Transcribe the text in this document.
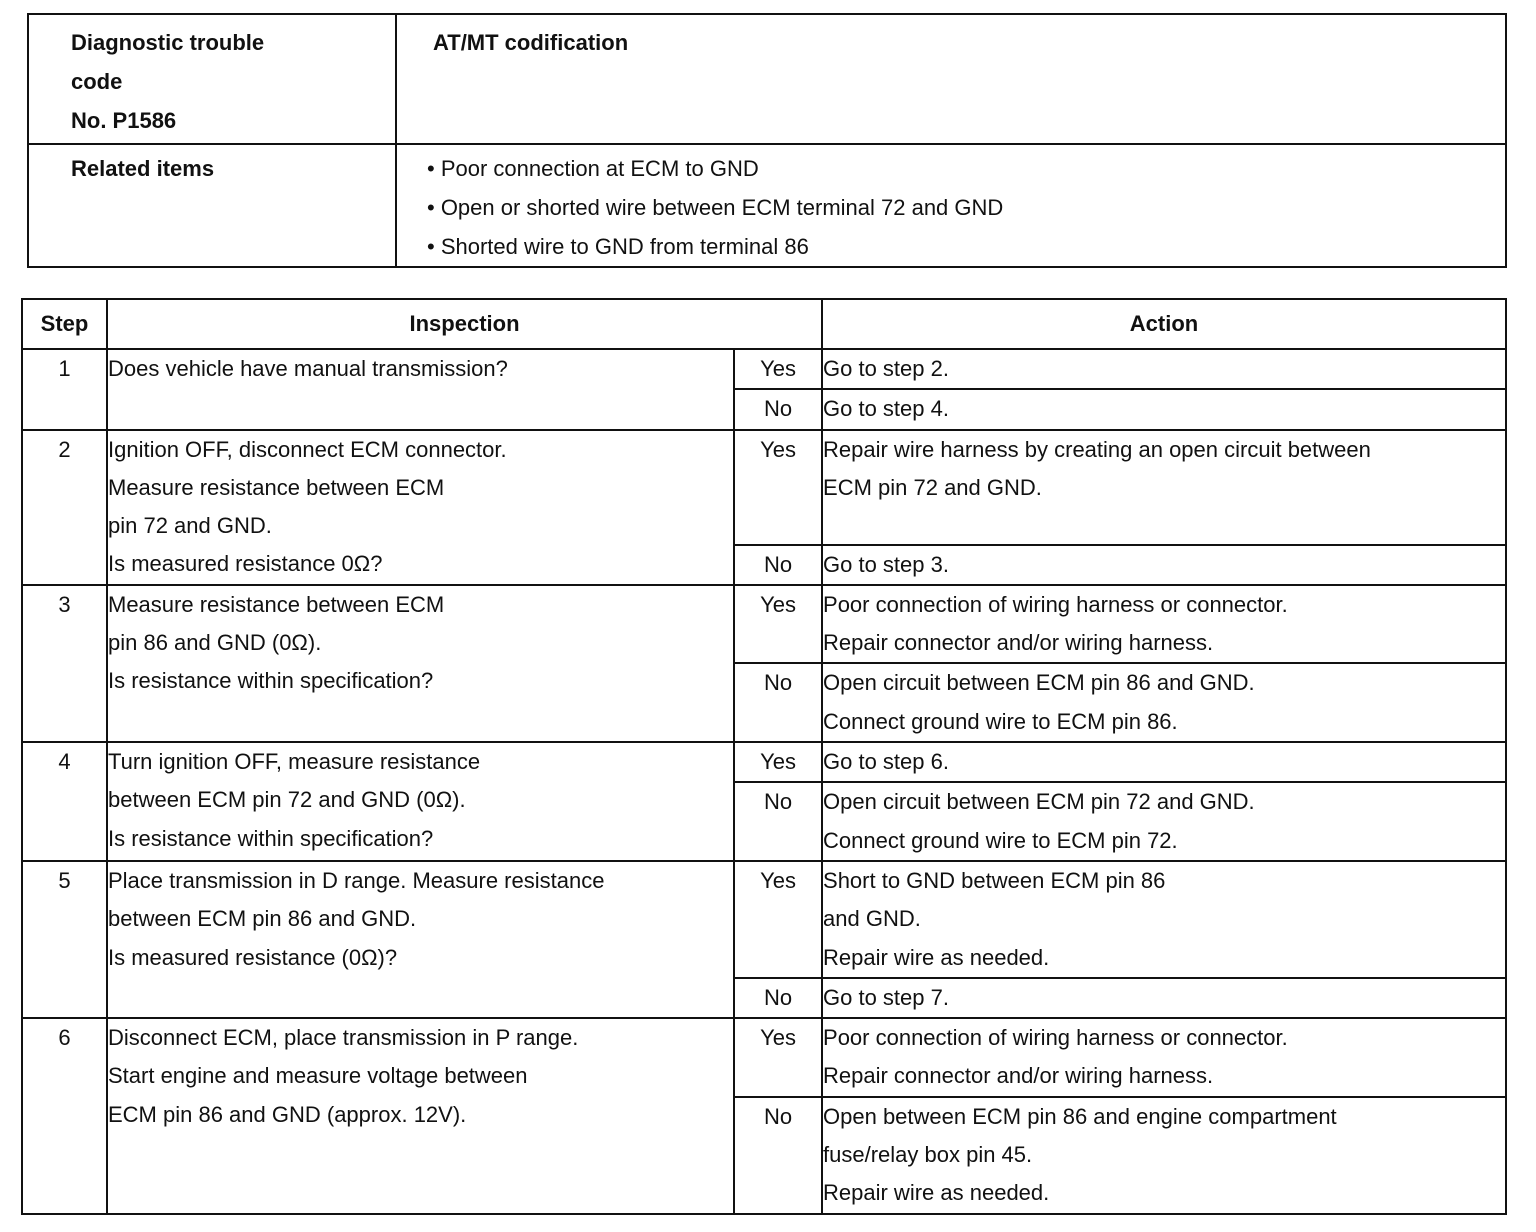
Diagnostic trouble
code
No. P1586	AT/MT codification
Related items	• Poor connection at ECM to GND
• Open or shorted wire between ECM terminal 72 and GND
• Shorted wire to GND from terminal 86
Step	Inspection		Action
1	Does vehicle have manual transmission?	Yes	Go to step 2.

		No	Go to step 4.

2	Ignition OFF, disconnect ECM connector.
Measure resistance between ECM
pin 72 and GND.
Is measured resistance 0Ω?	Yes	Repair wire harness by creating an open circuit between
ECM pin 72 and GND.

		No	Go to step 3.

3	Measure resistance between ECM
pin 86 and GND (0Ω).
Is resistance within specification?	Yes	Poor connection of wiring harness or connector.
Repair connector and/or wiring harness.

		No	Open circuit between ECM pin 86 and GND.
Connect ground wire to ECM pin 86.

4	Turn ignition OFF, measure resistance
between ECM pin 72 and GND (0Ω).
Is resistance within specification?	Yes	Go to step 6.

		No	Open circuit between ECM pin 72 and GND.
Connect ground wire to ECM pin 72.

5	Place transmission in D range. Measure resistance
between ECM pin 86 and GND.
Is measured resistance (0Ω)?	Yes	Short to GND between ECM pin 86
and GND.
Repair wire as needed.

		No	Go to step 7.

6	Disconnect ECM, place transmission in P range.
Start engine and measure voltage between
ECM pin 86 and GND (approx. 12V).	Yes	Poor connection of wiring harness or connector.
Repair connector and/or wiring harness.

		No	Open between ECM pin 86 and engine compartment
fuse/relay box pin 45.
Repair wire as needed.
